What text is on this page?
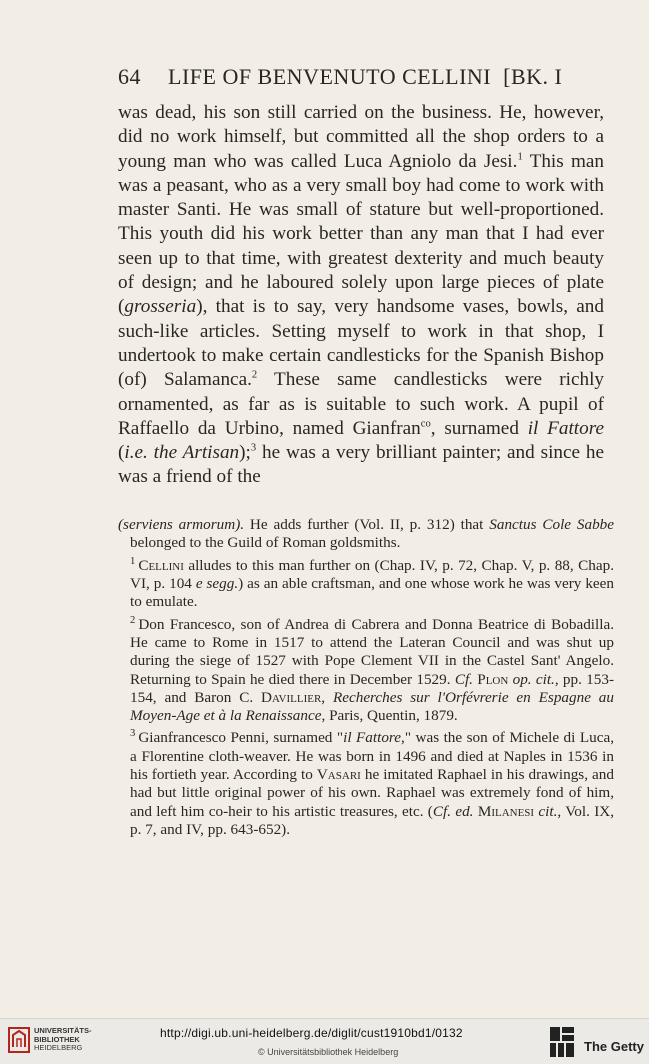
64 LIFE OF BENVENUTO CELLINI [BK. I
was dead, his son still carried on the business. He, however, did no work himself, but committed all the shop orders to a young man who was called Luca Agniolo da Jesi.$^1$ This man was a peasant, who as a very small boy had come to work with master Santi. He was small of stature but well-proportioned. This youth did his work better than any man that I had ever seen up to that time, with greatest dexterity and much beauty of design; and he laboured solely upon large pieces of plate (grosseria), that is to say, very handsome vases, bowls, and such-like articles. Setting myself to work in that shop, I undertook to make certain candlesticks for the Spanish Bishop (of) Salamanca.$^2$ These same candlesticks were richly ornamented, as far as is suitable to such work. A pupil of Raffaello da Urbino, named Gianfran$^{co}$, surnamed il Fattore (i.e. the Artisan);$^3$ he was a very brilliant painter; and since he was a friend of the

(serviens armorum). He adds further (Vol. II, p. 312) that Sanctus Cole Sabbe belonged to the Guild of Roman goldsmiths.

$^1$ Cellini alludes to this man further on (Chap. IV, p. 72, Chap. V, p. 88, Chap. VI, p. 104 e segg.) as an able craftsman, and one whose work he was very keen to emulate.

$^2$ Don Francesco, son of Andrea di Cabrera and Donna Beatrice di Bobadilla. He came to Rome in 1517 to attend the Lateran Council and was shut up during the siege of 1527 with Pope Clement VII in the Castel Sant' Angelo. Returning to Spain he died there in December 1529. Cf. Plon op. cit., pp. 153-154, and Baron C. Davillier, Recherches sur l'Orfévrerie en Espagne au Moyen-Age et à la Renaissance, Paris, Quentin, 1879.

$^3$ Gianfrancesco Penni, surnamed "il Fattore," was the son of Michele di Luca, a Florentine cloth-weaver. He was born in 1496 and died at Naples in 1536 in his fortieth year. According to Vasari he imitated Raphael in his drawings, and had but little original power of his own. Raphael was extremely fond of him, and left him co-heir to his artistic treasures, etc. (Cf. ed. Milanesi cit., Vol. IX, p. 7, and IV, pp. 643-652).

UNIVERSITÄTS-
BIBLIOTHEK
HEIDELBERG
http://digi.ub.uni-heidelberg.de/diglit/cust1910bd1/0132
© Universitätsbibliothek Heidelberg	The Getty
